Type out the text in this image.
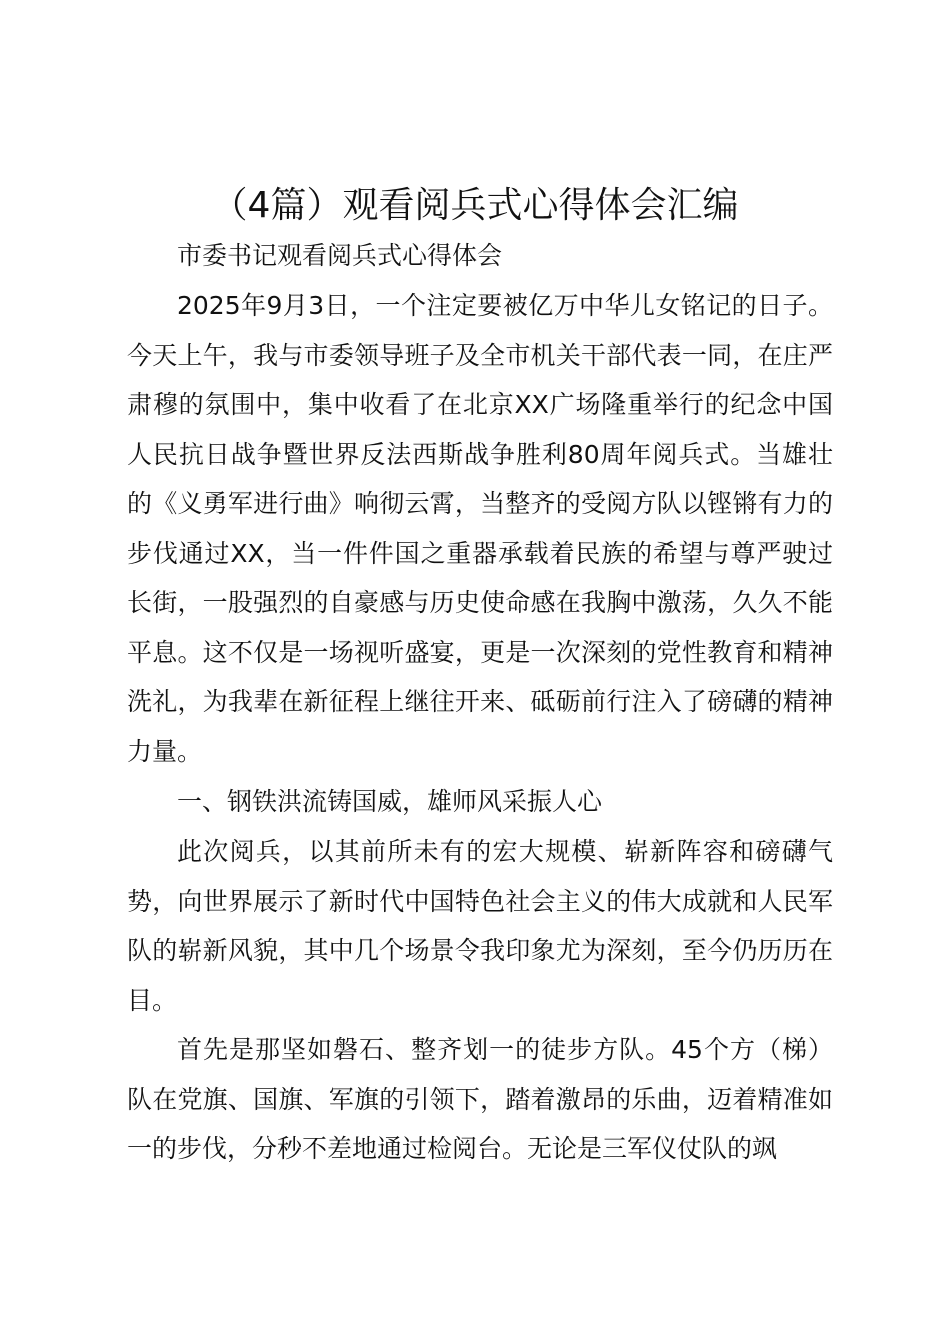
（4篇）观看阅兵式心得体会汇编

市委书记观看阅兵式心得体会

2025年9月3日，一个注定要被亿万中华儿女铭记的日子。今天上午，我与市委领导班子及全市机关干部代表一同，在庄严肃穆的氛围中，集中收看了在北京XX广场隆重举行的纪念中国人民抗日战争暨世界反法西斯战争胜利80周年阅兵式。当雄壮的《义勇军进行曲》响彻云霄，当整齐的受阅方队以铿锵有力的步伐通过XX，当一件件国之重器承载着民族的希望与尊严驶过长街，一股强烈的自豪感与历史使命感在我胸中激荡，久久不能平息。这不仅是一场视听盛宴，更是一次深刻的党性教育和精神洗礼，为我辈在新征程上继往开来、砥砺前行注入了磅礴的精神力量。

一、钢铁洪流铸国威，雄师风采振人心

此次阅兵，以其前所未有的宏大规模、崭新阵容和磅礴气势，向世界展示了新时代中国特色社会主义的伟大成就和人民军队的崭新风貌，其中几个场景令我印象尤为深刻，至今仍历历在目。

首先是那坚如磐石、整齐划一的徒步方队。45个方（梯）队在党旗、国旗、军旗的引领下，踏着激昂的乐曲，迈着精准如一的步伐，分秒不差地通过检阅台。无论是三军仪仗队的飒
